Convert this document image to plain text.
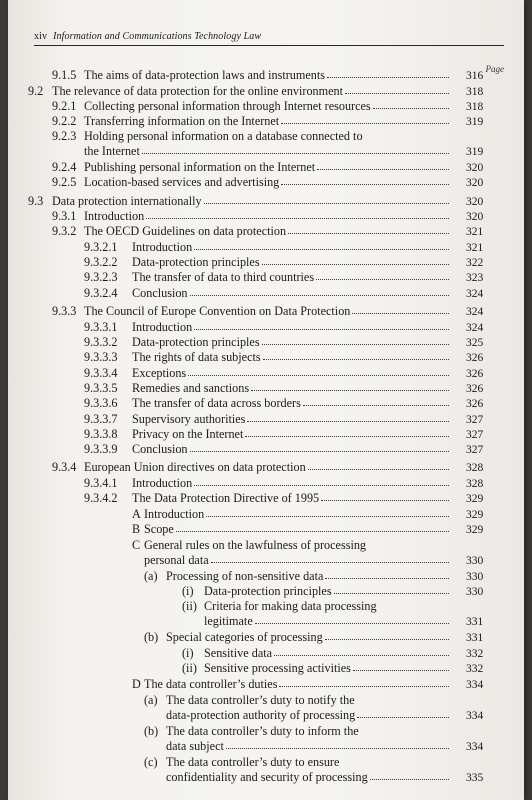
xiv Information and Communications Technology Law
Page
9.1.5 The aims of data-protection laws and instruments	316
9.2 The relevance of data protection for the online environment	318
9.2.1 Collecting personal information through Internet resources	318
9.2.2 Transferring information on the Internet	319
9.2.3 Holding personal information on a database connected to
the Internet	319
9.2.4 Publishing personal information on the Internet	320
9.2.5 Location-based services and advertising	320
9.3 Data protection internationally	320
9.3.1 Introduction	320
9.3.2 The OECD Guidelines on data protection	321
9.3.2.1 Introduction	321
9.3.2.2 Data-protection principles	322
9.3.2.3 The transfer of data to third countries	323
9.3.2.4 Conclusion	324
9.3.3 The Council of Europe Convention on Data Protection	324
9.3.3.1 Introduction	324
9.3.3.2 Data-protection principles	325
9.3.3.3 The rights of data subjects	326
9.3.3.4 Exceptions	326
9.3.3.5 Remedies and sanctions	326
9.3.3.6 The transfer of data across borders	326
9.3.3.7 Supervisory authorities	327
9.3.3.8 Privacy on the Internet	327
9.3.3.9 Conclusion	327
9.3.4 European Union directives on data protection	328
9.3.4.1 Introduction	328
9.3.4.2 The Data Protection Directive of 1995	329
A Introduction	329
B Scope	329
C General rules on the lawfulness of processing
personal data	330
(a) Processing of non-sensitive data	330
(i) Data-protection principles	330
(ii) Criteria for making data processing
legitimate	331
(b) Special categories of processing	331
(i) Sensitive data	332
(ii) Sensitive processing activities	332
D The data controller’s duties	334
(a) The data controller’s duty to notify the
data-protection authority of processing	334
(b) The data controller’s duty to inform the
data subject	334
(c) The data controller’s duty to ensure
confidentiality and security of processing	335
